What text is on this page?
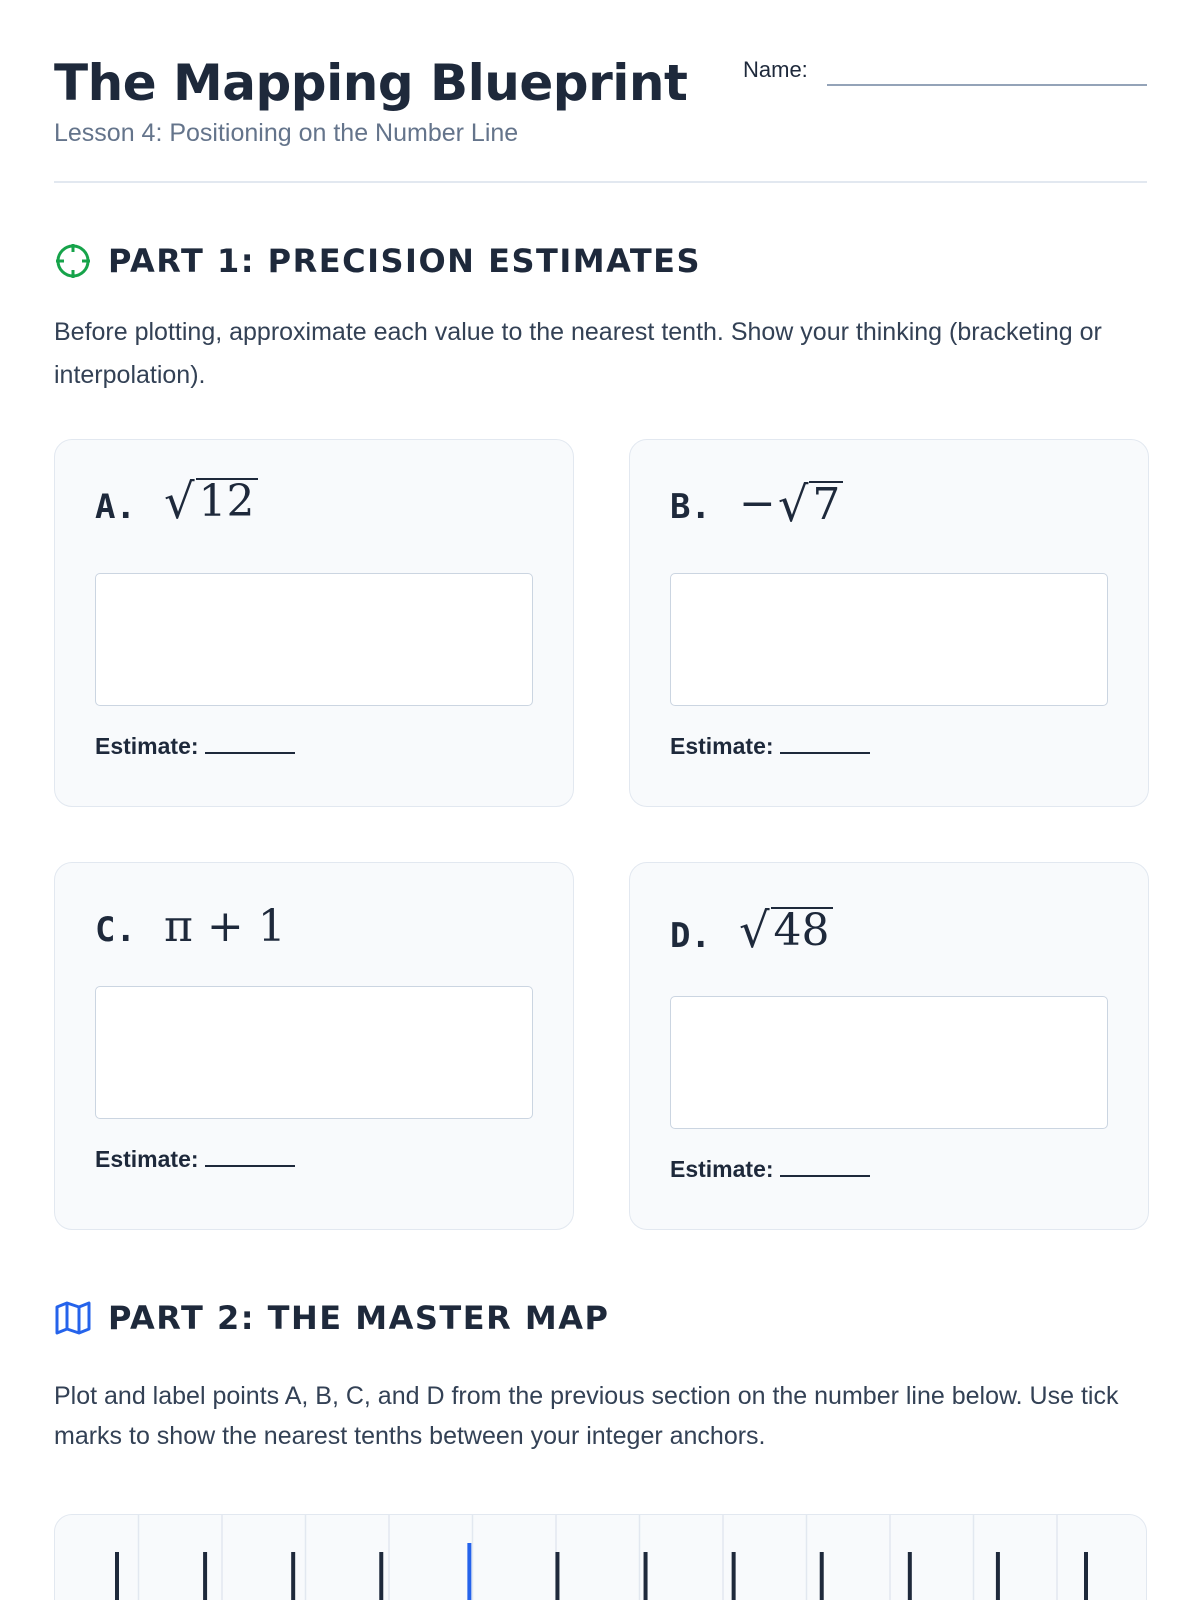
The Mapping Blueprint
Lesson 4: Positioning on the Number Line
Name:
PART 1: PRECISION ESTIMATES
Before plotting, approximate each value to the nearest tenth. Show your thinking (bracketing or interpolation).
A. √ 12
Estimate:
B. − √ 7
Estimate:
C. π + 1
Estimate:
D. √ 48
Estimate:
PART 2: THE MASTER MAP
Plot and label points A, B, C, and D from the previous section on the number line below. Use tick marks to show the nearest tenths between your integer anchors.
